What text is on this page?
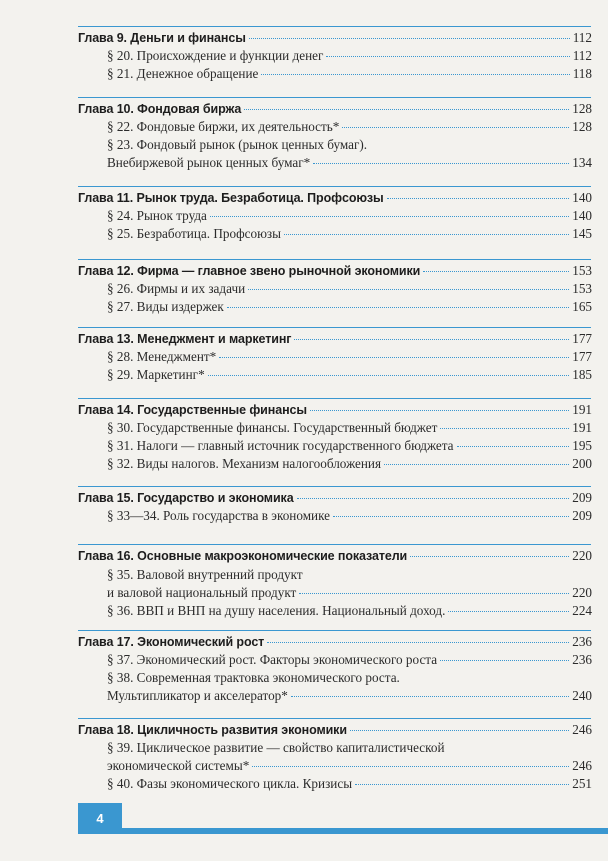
Глава 9. Деньги и финансы	112
§ 20. Происхождение и функции денег	112
§ 21. Денежное обращение	118
Глава 10. Фондовая биржа	128
§ 22. Фондовые биржи, их деятельность*	128
§ 23. Фондовый рынок (рынок ценных бумаг).
Внебиржевой рынок ценных бумаг*	134
Глава 11. Рынок труда. Безработица. Профсоюзы	140
§ 24. Рынок труда	140
§ 25. Безработица. Профсоюзы	145
Глава 12. Фирма — главное звено рыночной экономики	153
§ 26. Фирмы и их задачи	153
§ 27. Виды издержек	165
Глава 13. Менеджмент и маркетинг	177
§ 28. Менеджмент*	177
§ 29. Маркетинг*	185
Глава 14. Государственные финансы	191
§ 30. Государственные финансы. Государственный бюджет	191
§ 31. Налоги — главный источник государственного бюджета	195
§ 32. Виды налогов. Механизм налогообложения	200
Глава 15. Государство и экономика	209
§ 33—34. Роль государства в экономике	209
Глава 16. Основные макроэкономические показатели	220
§ 35. Валовой внутренний продукт
и валовой национальный продукт	220
§ 36. ВВП и ВНП на душу населения. Национальный доход.	224
Глава 17. Экономический рост	236
§ 37. Экономический рост. Факторы экономического роста	236
§ 38. Современная трактовка экономического роста.
Мультипликатор и акселератор*	240
Глава 18. Цикличность развития экономики	246
§ 39. Циклическое развитие — свойство капиталистической
экономической системы*	246
§ 40. Фазы экономического цикла. Кризисы	251
4
